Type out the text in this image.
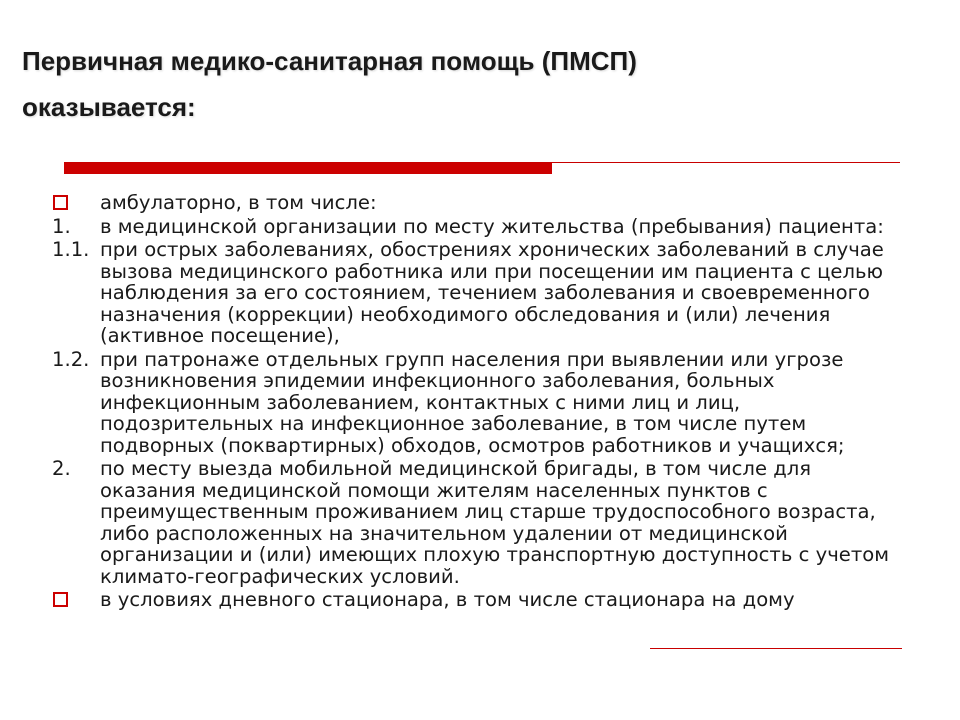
Первичная медико-санитарная помощь (ПМСП)
оказывается:
амбулаторно, в том числе:
1. в медицинской организации по месту жительства (пребывания) пациента:
1.1. при острых заболеваниях, обострениях хронических заболеваний в случае вызова медицинского работника или при посещении им пациента с целью наблюдения за его состоянием, течением заболевания и своевременного назначения (коррекции) необходимого обследования и (или) лечения (активное посещение),
1.2. при патронаже отдельных групп населения при выявлении или угрозе возникновения эпидемии инфекционного заболевания, больных инфекционным заболеванием, контактных с ними лиц и лиц, подозрительных на инфекционное заболевание, в том числе путем подворных (поквартирных) обходов, осмотров работников и учащихся;
2. по месту выезда мобильной медицинской бригады, в том числе для оказания медицинской помощи жителям населенных пунктов с преимущественным проживанием лиц старше трудоспособного возраста, либо расположенных на значительном удалении от медицинской организации и (или) имеющих плохую транспортную доступность с учетом климато-географических условий.
в условиях дневного стационара, в том числе стационара на дому
